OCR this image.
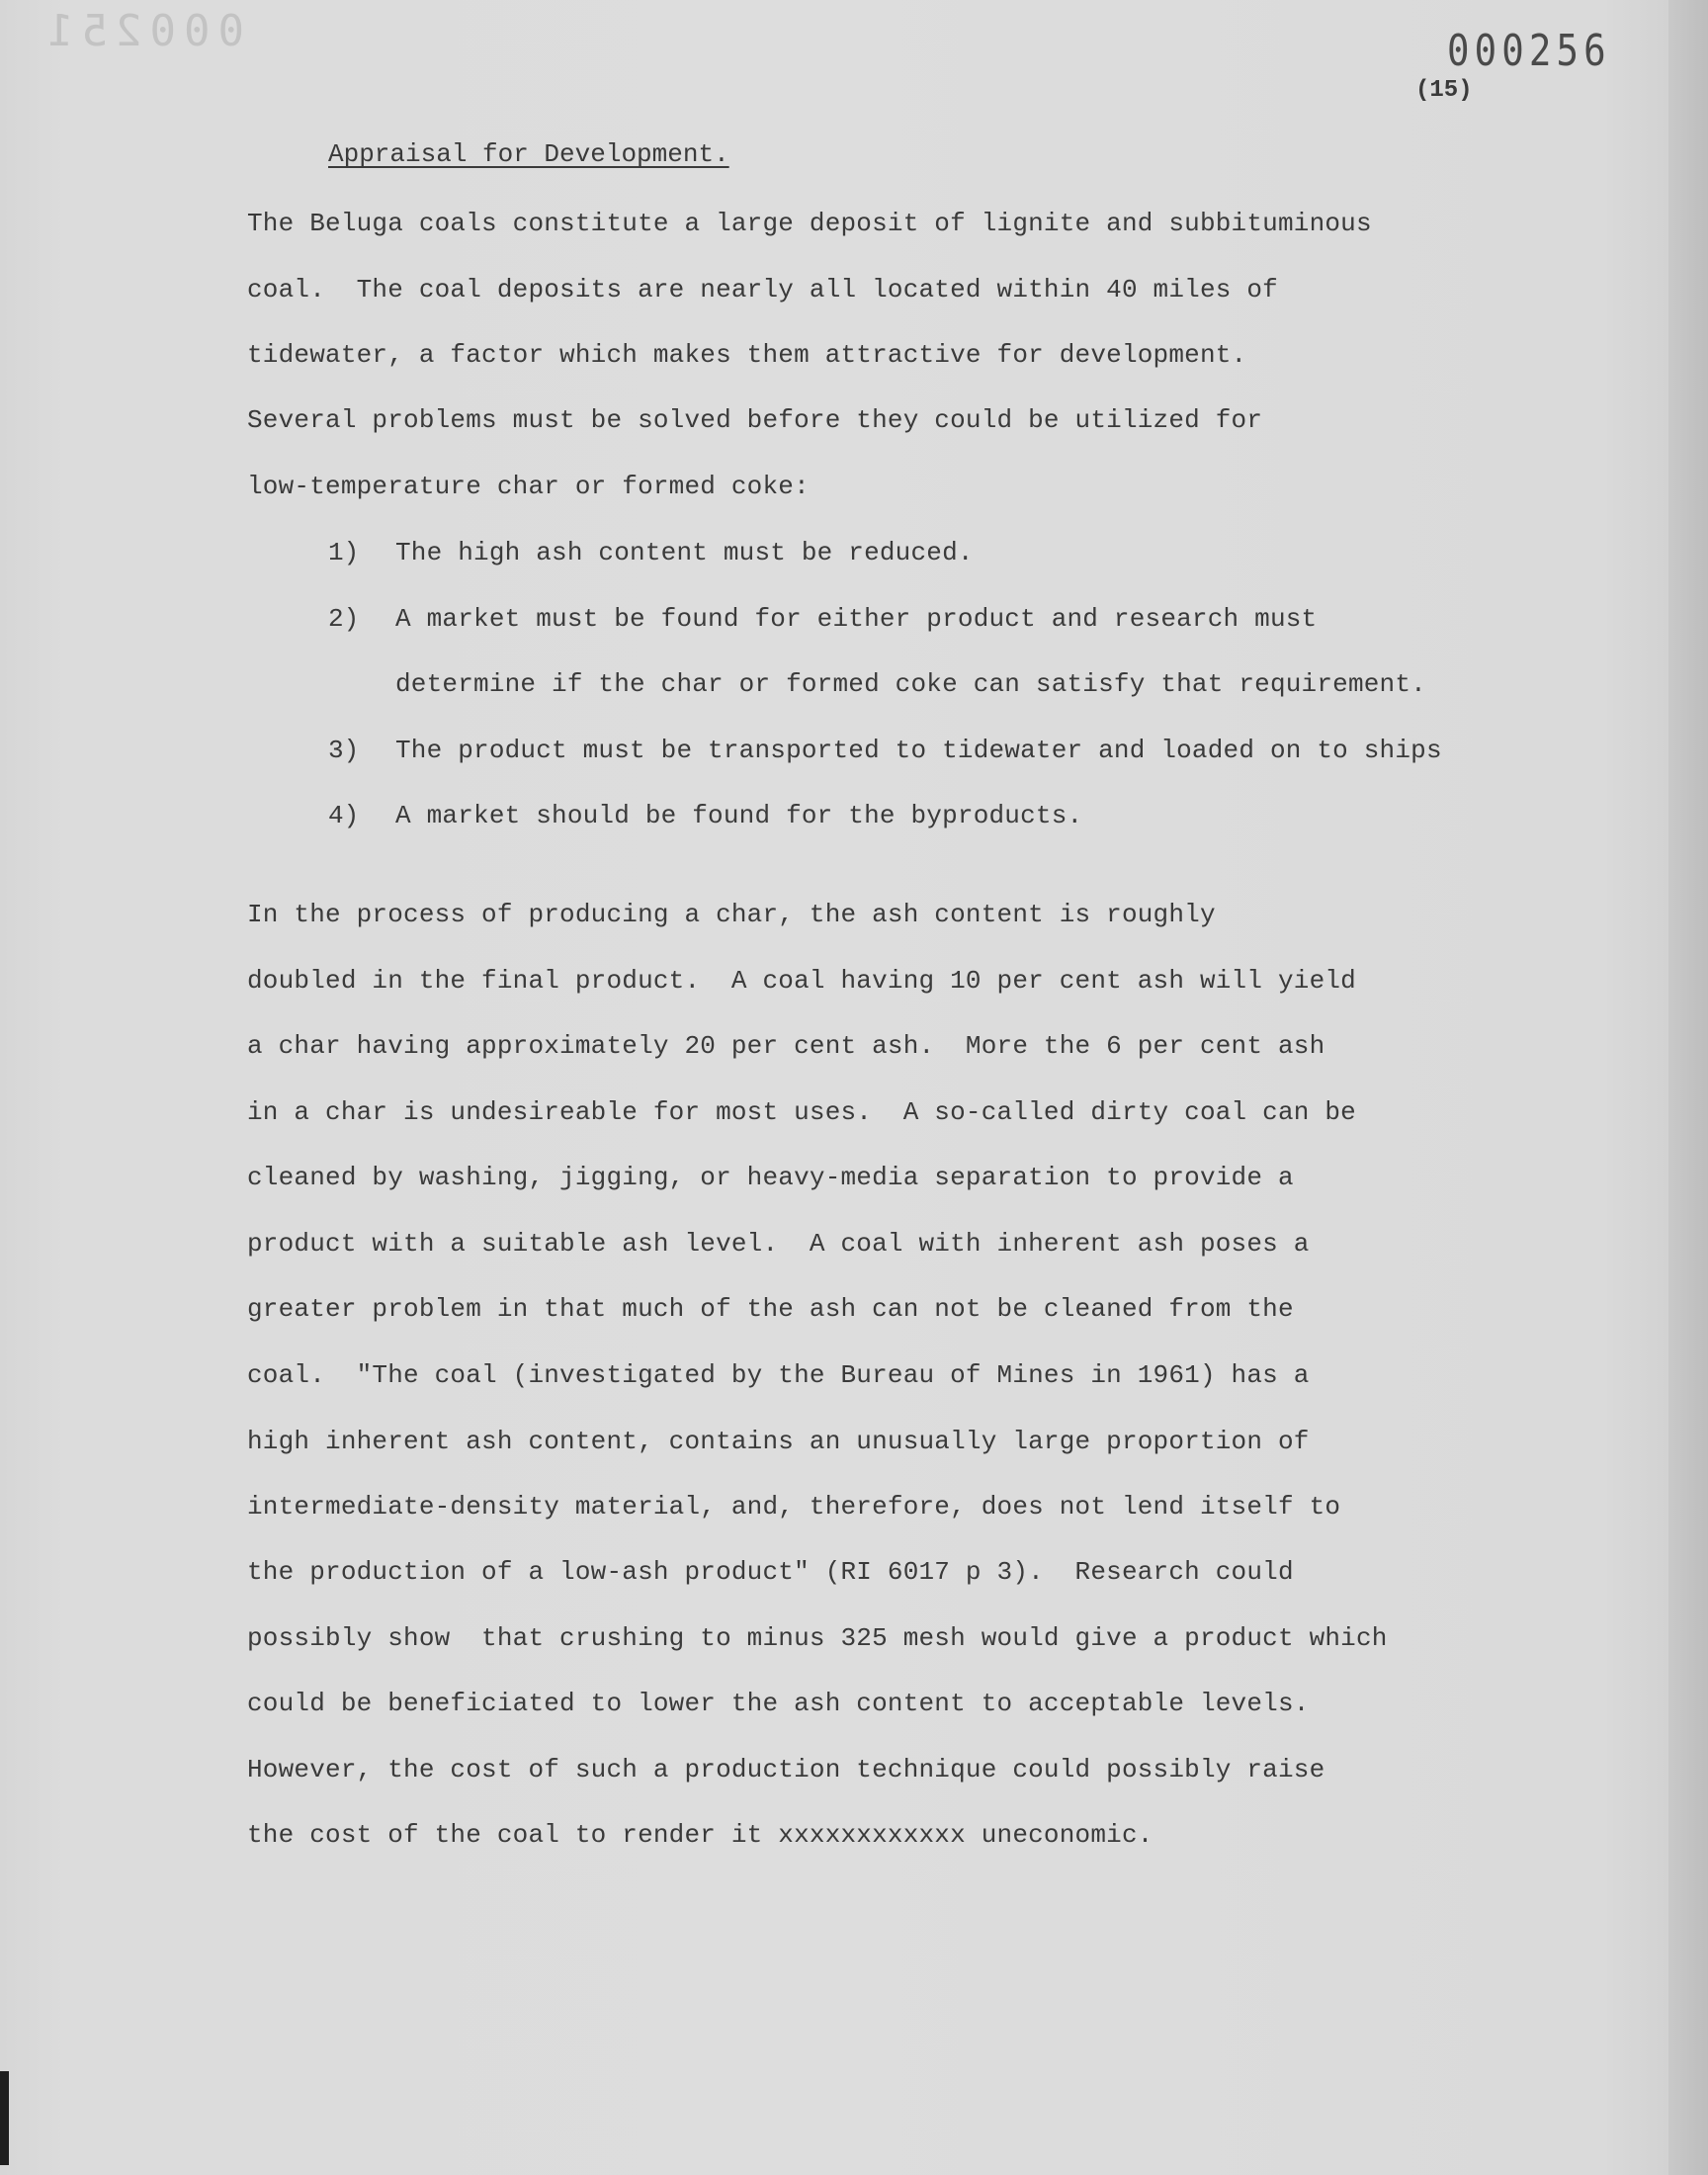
000251	000256
(15)
Appraisal for Development.
The Beluga coals constitute a large deposit of lignite and subbituminous
coal.  The coal deposits are nearly all located within 40 miles of
tidewater, a factor which makes them attractive for development.
Several problems must be solved before they could be utilized for
low-temperature char or formed coke:
1) The high ash content must be reduced.
2) A market must be found for either product and research must
determine if the char or formed coke can satisfy that requirement.
3) The product must be transported to tidewater and loaded on to ships
4) A market should be found for the byproducts.
In the process of producing a char, the ash content is roughly
doubled in the final product.  A coal having 10 per cent ash will yield
a char having approximately 20 per cent ash.  More the 6 per cent ash
in a char is undesireable for most uses.  A so-called dirty coal can be
cleaned by washing, jigging, or heavy-media separation to provide a
product with a suitable ash level.  A coal with inherent ash poses a
greater problem in that much of the ash can not be cleaned from the
coal.  "The coal (investigated by the Bureau of Mines in 1961) has a
high inherent ash content, contains an unusually large proportion of
intermediate-density material, and, therefore, does not lend itself to
the production of a low-ash product" (RI 6017 p 3).  Research could
possibly show  that crushing to minus 325 mesh would give a product which
could be beneficiated to lower the ash content to acceptable levels.
However, the cost of such a production technique could possibly raise
the cost of the coal to render it xxxxxxxxxxxx uneconomic.
